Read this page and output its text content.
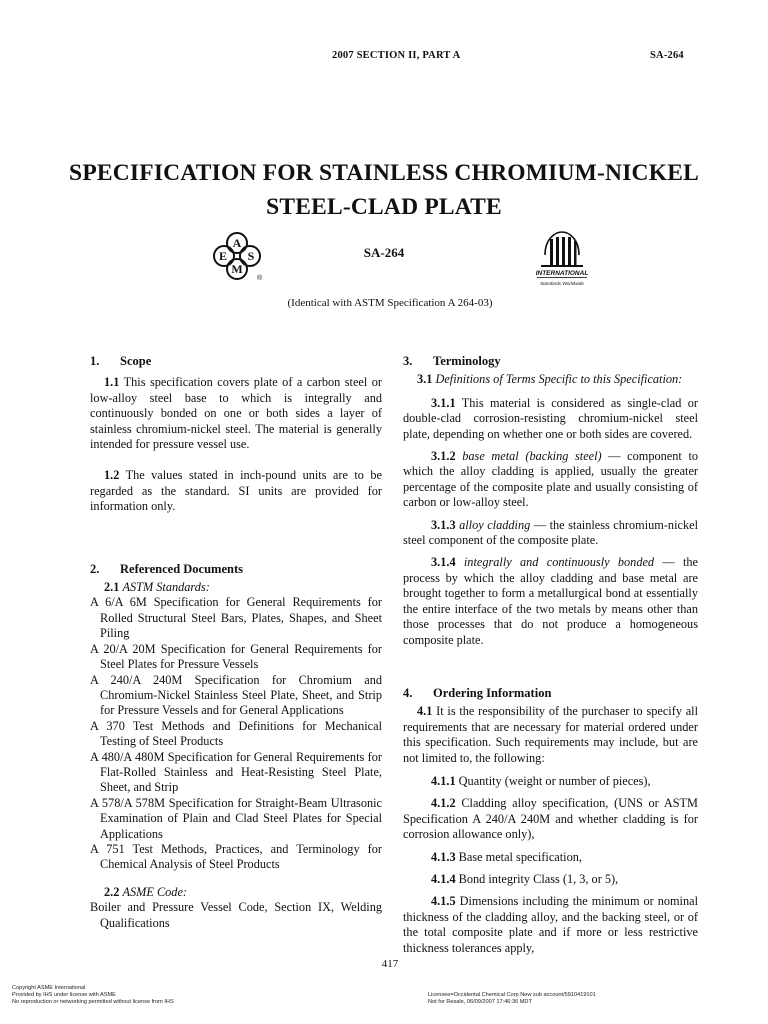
2007 SECTION II, PART A	SA-264
SPECIFICATION FOR STAINLESS CHROMIUM-NICKEL
STEEL-CLAD PLATE
A
S
M
E
®
SA-264
INTERNATIONAL
Standards Worldwide
(Identical with ASTM Specification A 264-03)
1. Scope

1.1 This specification covers plate of a carbon steel or low-alloy steel base to which is integrally and continuously bonded on one or both sides a layer of stainless chromium-nickel steel. The material is generally intended for pressure vessel use.

1.2 The values stated in inch-pound units are to be regarded as the standard. SI units are provided for information only.

2. Referenced Documents

2.1 ASTM Standards:

A 6/A 6M Specification for General Requirements for Rolled Structural Steel Bars, Plates, Shapes, and Sheet Piling
A 20/A 20M Specification for General Requirements for Steel Plates for Pressure Vessels
A 240/A 240M Specification for Chromium and Chromium-Nickel Stainless Steel Plate, Sheet, and Strip for Pressure Vessels and for General Applications
A 370 Test Methods and Definitions for Mechanical Testing of Steel Products
A 480/A 480M Specification for General Requirements for Flat-Rolled Stainless and Heat-Resisting Steel Plate, Sheet, and Strip
A 578/A 578M Specification for Straight-Beam Ultrasonic Examination of Plain and Clad Steel Plates for Special Applications
A 751 Test Methods, Practices, and Terminology for Chemical Analysis of Steel Products

2.2 ASME Code:

Boiler and Pressure Vessel Code, Section IX, Welding Qualifications
3. Terminology

3.1 Definitions of Terms Specific to this Specification:

3.1.1 This material is considered as single-clad or double-clad corrosion-resisting chromium-nickel steel plate, depending on whether one or both sides are covered.

3.1.2 base metal (backing steel) — component to which the alloy cladding is applied, usually the greater percentage of the composite plate and usually consisting of carbon or low-alloy steel.

3.1.3 alloy cladding — the stainless chromium-nickel steel component of the composite plate.

3.1.4 integrally and continuously bonded — the process by which the alloy cladding and base metal are brought together to form a metallurgical bond at essentially the entire interface of the two metals by means other than those processes that do not produce a homogeneous composite plate.

4. Ordering Information

4.1 It is the responsibility of the purchaser to specify all requirements that are necessary for material ordered under this specification. Such requirements may include, but are not limited to, the following:

4.1.1 Quantity (weight or number of pieces),

4.1.2 Cladding alloy specification, (UNS or ASTM Specification A 240/A 240M and whether cladding is for corrosion allowance only),

4.1.3 Base metal specification,

4.1.4 Bond integrity Class (1, 3, or 5),

4.1.5 Dimensions including the minimum or nominal thickness of the cladding alloy, and the backing steel, or of the total composite plate and if more or less restrictive thickness tolerances apply,

417
Copyright ASME International
Provided by IHS under license with ASME
No reproduction or networking permitted without license from IHS
Licensee=Occidental Chemical Corp New sub account/5910419101
Not for Resale, 06/09/2007 17:46:36 MDT
